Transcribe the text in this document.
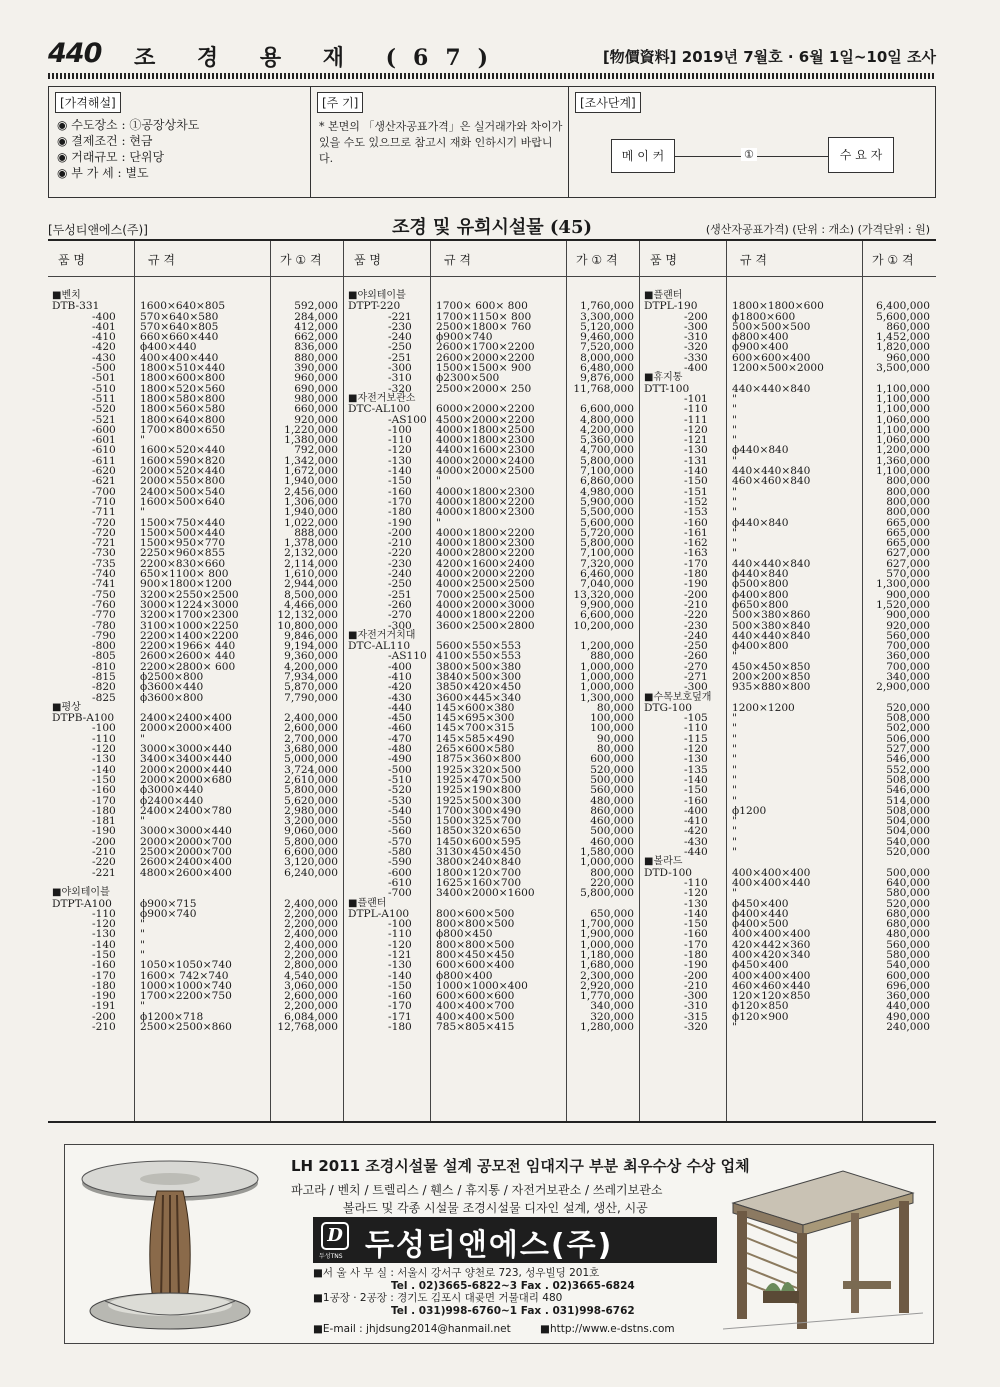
440 조 경 용 재 (67)	[物價資料] 2019년 7월호 · 6월 1일~10일 조사
[가격해설]
◉ 수도장소 : ①공장상차도
◉ 결제조건 : 현금
◉ 거래규모 : 단위당
◉ 부 가 세 : 별도
[주 기]
* 본면의 「생산자공표가격」은 실거래가와 차이가 있을 수도 있으므로 참고시 재화 인하시기 바랍니다.
[조사단계]
메 이 커	①	수 요 자
[두성티앤에스(주)]	조경 및 유희시설물 (45)	(생산자공표가격) (단위 : 개소) (가격단위 : 원)
품 명	규 격	가 ① 격
■벤치
DTB-331	1600×640×805	592,000
-400 570×640×580	284,000
-401 570×640×805	412,000
-410 660×660×440	662,000
-420 ϕ400×440	836,000
-430 400×400×440	880,000
-500 1800×510×440	390,000
-501 1800×600×800	960,000
-510 1800×520×560	690,000
-511 1800×580×800	980,000
-520 1800×560×580	660,000
-521 1800×640×800	920,000
-600 1700×800×650	1,220,000
-601 "	1,380,000
-610 1600×520×440	792,000
-611 1600×590×820	1,342,000
-620 2000×520×440	1,672,000
-621 2000×550×800	1,940,000
-700 2400×500×540	2,456,000
-710 1600×500×640	1,306,000
-711 "	1,940,000
-720 1500×750×440	1,022,000
-720 1500×500×440	888,000
-721 1500×950×770	1,378,000
-730 2250×960×855	2,132,000
-735 2200×830×660	2,114,000
-740 650×1100× 800	1,610,000
-741 900×1800×1200	2,944,000
-750 3200×2550×2500	8,500,000
-760 3000×1224×3000	4,466,000
-770 3200×1700×2300	12,132,000
-780 3100×1000×2250	10,800,000
-790 2200×1400×2200	9,846,000
-800 2200×1966× 440	9,194,000
-805 2600×2600× 440	9,360,000
-810 2200×2800× 600	4,200,000
-815 ϕ2500×800	7,934,000
-820 ϕ3600×440	5,870,000
-825 ϕ3600×800	7,790,000
■평상
DTPB-A100 2400×2400×400	2,400,000
-100 2000×2000×400	2,600,000
-110 "	2,700,000
-120 3000×3000×440	3,680,000
-130 3400×3400×440	5,000,000
-140 2000×2000×440	3,724,000
-150 2000×2000×680	2,610,000
-160 ϕ3000×440	5,800,000
-170 ϕ2400×440	5,620,000
-180 2400×2400×780	2,980,000
-181 "	3,200,000
-190 3000×3000×440	9,060,000
-200 2000×2000×700	5,800,000
-210 2500×2000×700	6,600,000
-220 2600×2400×400	3,120,000
-221 4800×2600×400	6,240,000
■야외테이블
DTPT-A100	ϕ900×715	2,400,000
-110 ϕ900×740	2,200,000
-120 "	2,200,000
-130 "	2,400,000
-140 "	2,400,000
-150 "	2,200,000
-160 1050×1050×740	2,800,000
-170 1600× 742×740	4,540,000
-180 1000×1000×740	3,060,000
-190 1700×2200×750	2,600,000
-191 "	2,200,000
-200 ϕ1200×718	6,084,000
-210 2500×2500×860	12,768,000
품 명	규 격	가 ① 격
■야외테이블
DTPT-220	1700× 600× 800	1,760,000
-221 1700×1150× 800	3,300,000
-230 2500×1800× 760	5,120,000
-240 ϕ900×740	9,460,000
-250 2600×1700×2200	7,520,000
-251 2600×2000×2200	8,000,000
-300 1500×1500× 900	6,480,000
-310 ϕ2300×500	9,876,000
-320 2500×2000× 250	11,768,000
■자전거보관소
DTC-AL100 6000×2000×2200	6,600,000
-AS100 4500×2000×2200	4,800,000
-100 4000×1800×2500	4,200,000
-110 4000×1800×2300	5,360,000
-120 4400×1600×2300	4,700,000
-130 4000×2000×2400	5,800,000
-140 4000×2000×2500	7,100,000
-150 "	6,860,000
-160 4000×1800×2300	4,980,000
-170 4000×1800×2200	5,900,000
-180 4000×1800×2300	5,500,000
-190 "	5,600,000
-200 4000×1800×2200	5,720,000
-210 4000×1800×2300	5,800,000
-220 4000×2800×2200	7,100,000
-230 4200×1600×2400	7,320,000
-240 4000×2000×2200	6,460,000
-250 4000×2500×2500	7,040,000
-251 7000×2500×2500	13,320,000
-260 4000×2000×3000	9,900,000
-270 4000×1800×2200	6,600,000
-300 3600×2500×2800	10,200,000
■자전거거치대
DTC-AL110 5600×550×553	1,200,000
-AS110 4100×550×553	880,000
-400 3800×500×380	1,000,000
-410 3840×500×300	1,000,000
-420 3850×420×450	1,000,000
-430 3600×445×340	1,300,000
-440 145×600×380	80,000
-450 145×695×300	100,000
-460 145×700×315	100,000
-470 145×585×490	90,000
-480 265×600×580	80,000
-490 1875×360×800	600,000
-500 1925×320×500	520,000
-510 1925×470×500	500,000
-520 1925×190×800	560,000
-530 1925×500×300	480,000
-540 1700×300×490	860,000
-550 1500×325×700	460,000
-560 1850×320×650	500,000
-570 1450×600×595	460,000
-580 3130×450×450	1,580,000
-590 3800×240×840	1,000,000
-600 1800×120×700	800,000
-610 1625×160×700	220,000
-700 3400×2000×1600	5,800,000
■플랜터
DTPL-A100	800×600×500	650,000
-100 800×800×500	1,700,000
-110 ϕ800×450	1,900,000
-120 800×800×500	1,000,000
-121 800×450×450	1,180,000
-130 600×600×400	1,680,000
-140 ϕ800×400	2,300,000
-150 1000×1000×400	2,920,000
-160 600×600×600	1,770,000
-170 400×400×700	340,000
-171 400×400×500	320,000
-180 785×805×415	1,280,000
품 명	규 격	가 ① 격
■플랜터
DTPL-190	1800×1800×600	6,400,000
-200 ϕ1800×600	5,600,000
-300 500×500×500	860,000
-310 ϕ800×400	1,452,000
-320 ϕ900×400	1,820,000
-330 600×600×400	960,000
-400 1200×500×2000	3,500,000
■휴지통
DTT-100	440×440×840	1,100,000
-101 "	1,100,000
-110 "	1,100,000
-111 "	1,060,000
-120 "	1,100,000
-121 "	1,060,000
-130 ϕ440×840	1,200,000
-131 "	1,360,000
-140 440×440×840	1,100,000
-150 460×460×840	800,000
-151 "	800,000
-152 "	800,000
-153 "	800,000
-160 ϕ440×840	665,000
-161 "	665,000
-162 "	665,000
-163 "	627,000
-170 440×440×840	627,000
-180 ϕ440×840	570,000
-190 ϕ500×800	1,300,000
-200 ϕ400×800	900,000
-210 ϕ650×800	1,520,000
-220 500×380×860	900,000
-230 500×380×840	920,000
-240 440×440×840	560,000
-250 ϕ400×800	700,000
-260 "	360,000
-270 450×450×850	700,000
-271 200×200×850	340,000
-300 935×880×800	2,900,000
■수목보호덮개
DTG-100	1200×1200	520,000
-105 "	508,000
-110 "	502,000
-115 "	506,000
-120 "	527,000
-130 "	546,000
-135 "	552,000
-140 "	508,000
-150 "	546,000
-160 "	514,000
-400 ϕ1200	508,000
-410 "	504,000
-420 "	504,000
-430 "	540,000
-440 "	520,000
■볼라드
DTD-100	400×400×400	500,000
-110 400×400×440	640,000
-120 "	580,000
-130 ϕ450×400	520,000
-140 ϕ400×440	680,000
-150 ϕ400×500	680,000
-160 400×400×400	480,000
-170 420×442×360	560,000
-180 400×420×340	580,000
-190 ϕ450×400	540,000
-200 400×400×400	600,000
-210 460×460×440	696,000
-300 120×120×850	360,000
-310 ϕ120×850	440,000
-315 ϕ120×900	490,000
-320 "	240,000
LH 2011 조경시설물 설계 공모전 임대지구 부분 최우수상 수상 업체
파고라 / 벤치 / 트렐리스 / 휀스 / 휴지통 / 자전거보관소 / 쓰레기보관소
볼라드 및 각종 시설물 조경시설물 디자인 설계, 생산, 시공
D
두성TNS 두성티앤에스(주)
■서 울 사 무 실 : 서울시 강서구 양천로 723, 성우빌딩 201호
Tel . 02)3665-6822~3 Fax . 02)3665-6824
■1공장 · 2공장 : 경기도 김포시 대곶면 거물대리 480
Tel . 031)998-6760~1 Fax . 031)998-6762
■E-mail : jhjdsung2014@hanmail.net	■http://www.e-dstns.com
